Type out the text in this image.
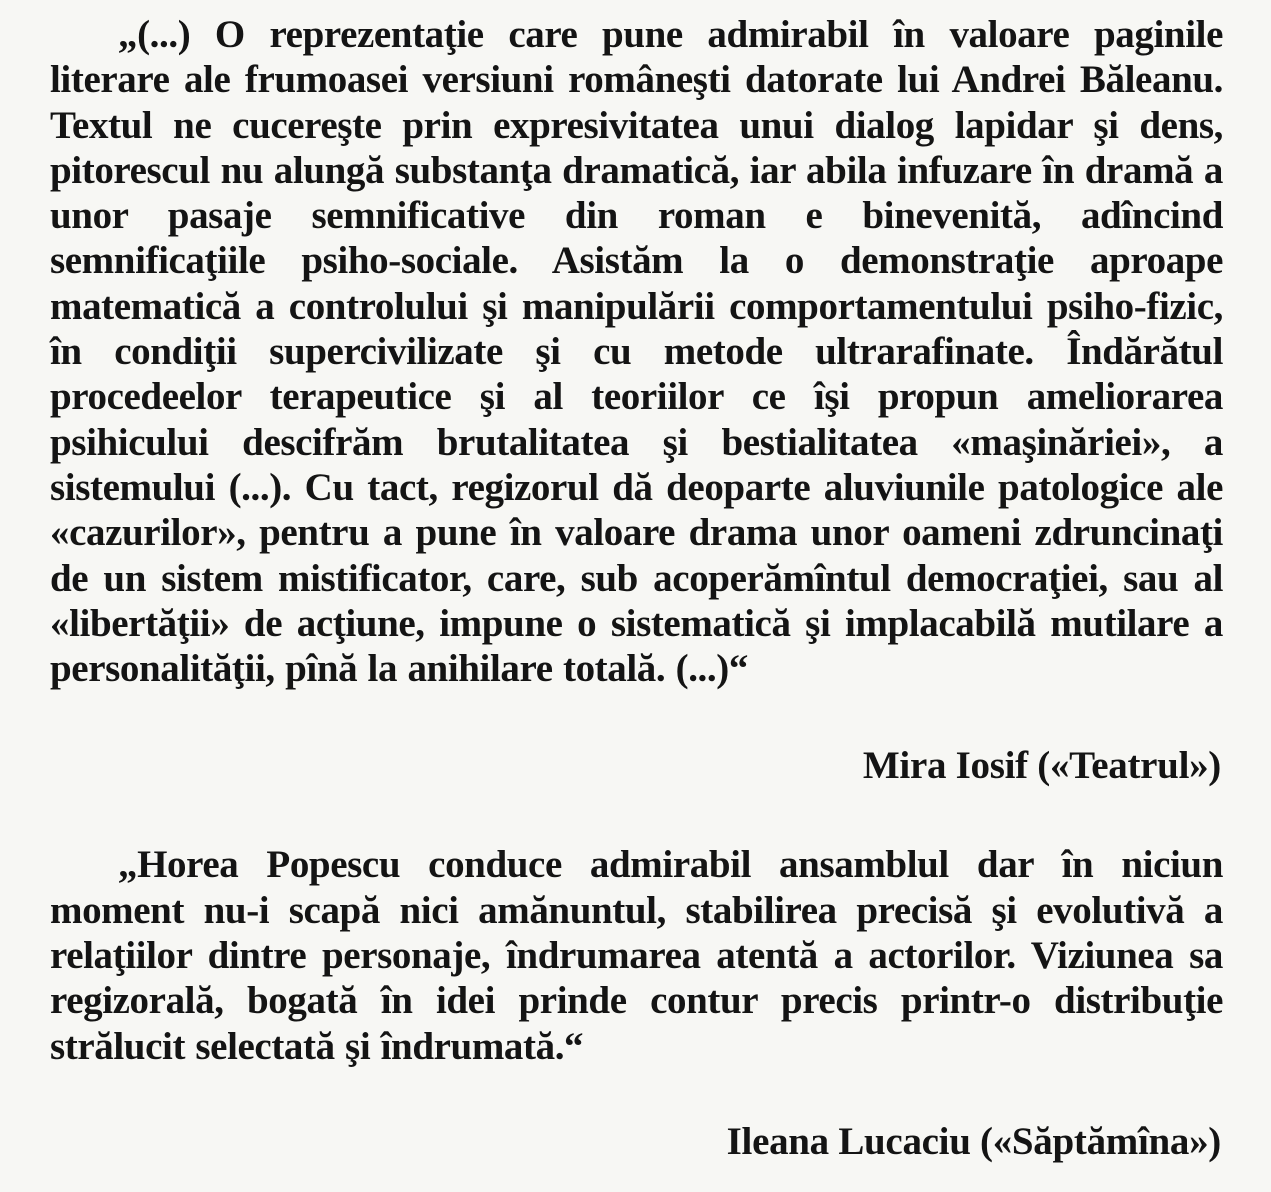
„(...) O reprezentaţie care pune admirabil în valoare paginile literare ale frumoasei versiuni româneşti datorate lui Andrei Băleanu. Textul ne cucereşte prin expresivitatea unui dialog lapidar şi dens, pitorescul nu alungă substanţa dramatică, iar abila infuzare în dramă a unor pasaje semnificative din roman e binevenită, adîncind semnificaţiile psiho-sociale. Asistăm la o demonstraţie aproape matematică a controlului şi manipulării comportamentului psiho-fizic, în condiţii supercivilizate şi cu metode ultrarafinate. Îndărătul procedeelor terapeutice şi al teoriilor ce îşi propun ameliorarea psihicului descifrăm brutalitatea şi bestialitatea «maşinăriei», a sistemului (...). Cu tact, regizorul dă deoparte aluviunile patologice ale «cazurilor», pentru a pune în valoare drama unor oameni zdruncinaţi de un sistem mistificator, care, sub acoperămîntul democraţiei, sau al «libertăţii» de acţiune, impune o sistematică şi implacabilă mutilare a personalităţii, pînă la anihilare totală. (...)“

Mira Iosif («Teatrul»)

„Horea Popescu conduce admirabil ansamblul dar în niciun moment nu-i scapă nici amănuntul, stabilirea precisă şi evolutivă a relaţiilor dintre personaje, îndrumarea atentă a actorilor. Viziunea sa regizorală, bogată în idei prinde contur precis printr-o distribuţie strălucit selectată şi îndrumată.“

Ileana Lucaciu («Săptămîna»)
